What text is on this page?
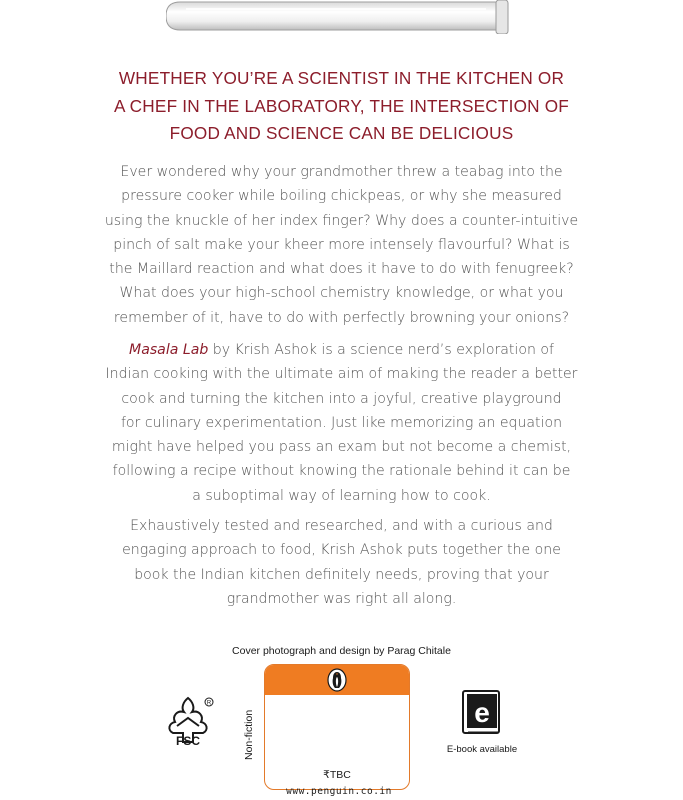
WHETHER YOU’RE A SCIENTIST IN THE KITCHEN OR
A CHEF IN THE LABORATORY, THE INTERSECTION OF
FOOD AND SCIENCE CAN BE DELICIOUS
Ever wondered why your grandmother threw a teabag into the
pressure cooker while boiling chickpeas, or why she measured
using the knuckle of her index finger? Why does a counter-intuitive
pinch of salt make your kheer more intensely flavourful? What is
the Maillard reaction and what does it have to do with fenugreek?
What does your high-school chemistry knowledge, or what you
remember of it, have to do with perfectly browning your onions?
Masala Lab by Krish Ashok is a science nerd’s exploration of
Indian cooking with the ultimate aim of making the reader a better
cook and turning the kitchen into a joyful, creative playground
for culinary experimentation. Just like memorizing an equation
might have helped you pass an exam but not become a chemist,
following a recipe without knowing the rationale behind it can be
a suboptimal way of learning how to cook.
Exhaustively tested and researched, and with a curious and
engaging approach to food, Krish Ashok puts together the one
book the Indian kitchen definitely needs, proving that your
grandmother was right all along.
Cover photograph and design by Parag Chitale
R
FSC	Non-fiction
₹TBC
www.penguin.co.in
e
E-book available
